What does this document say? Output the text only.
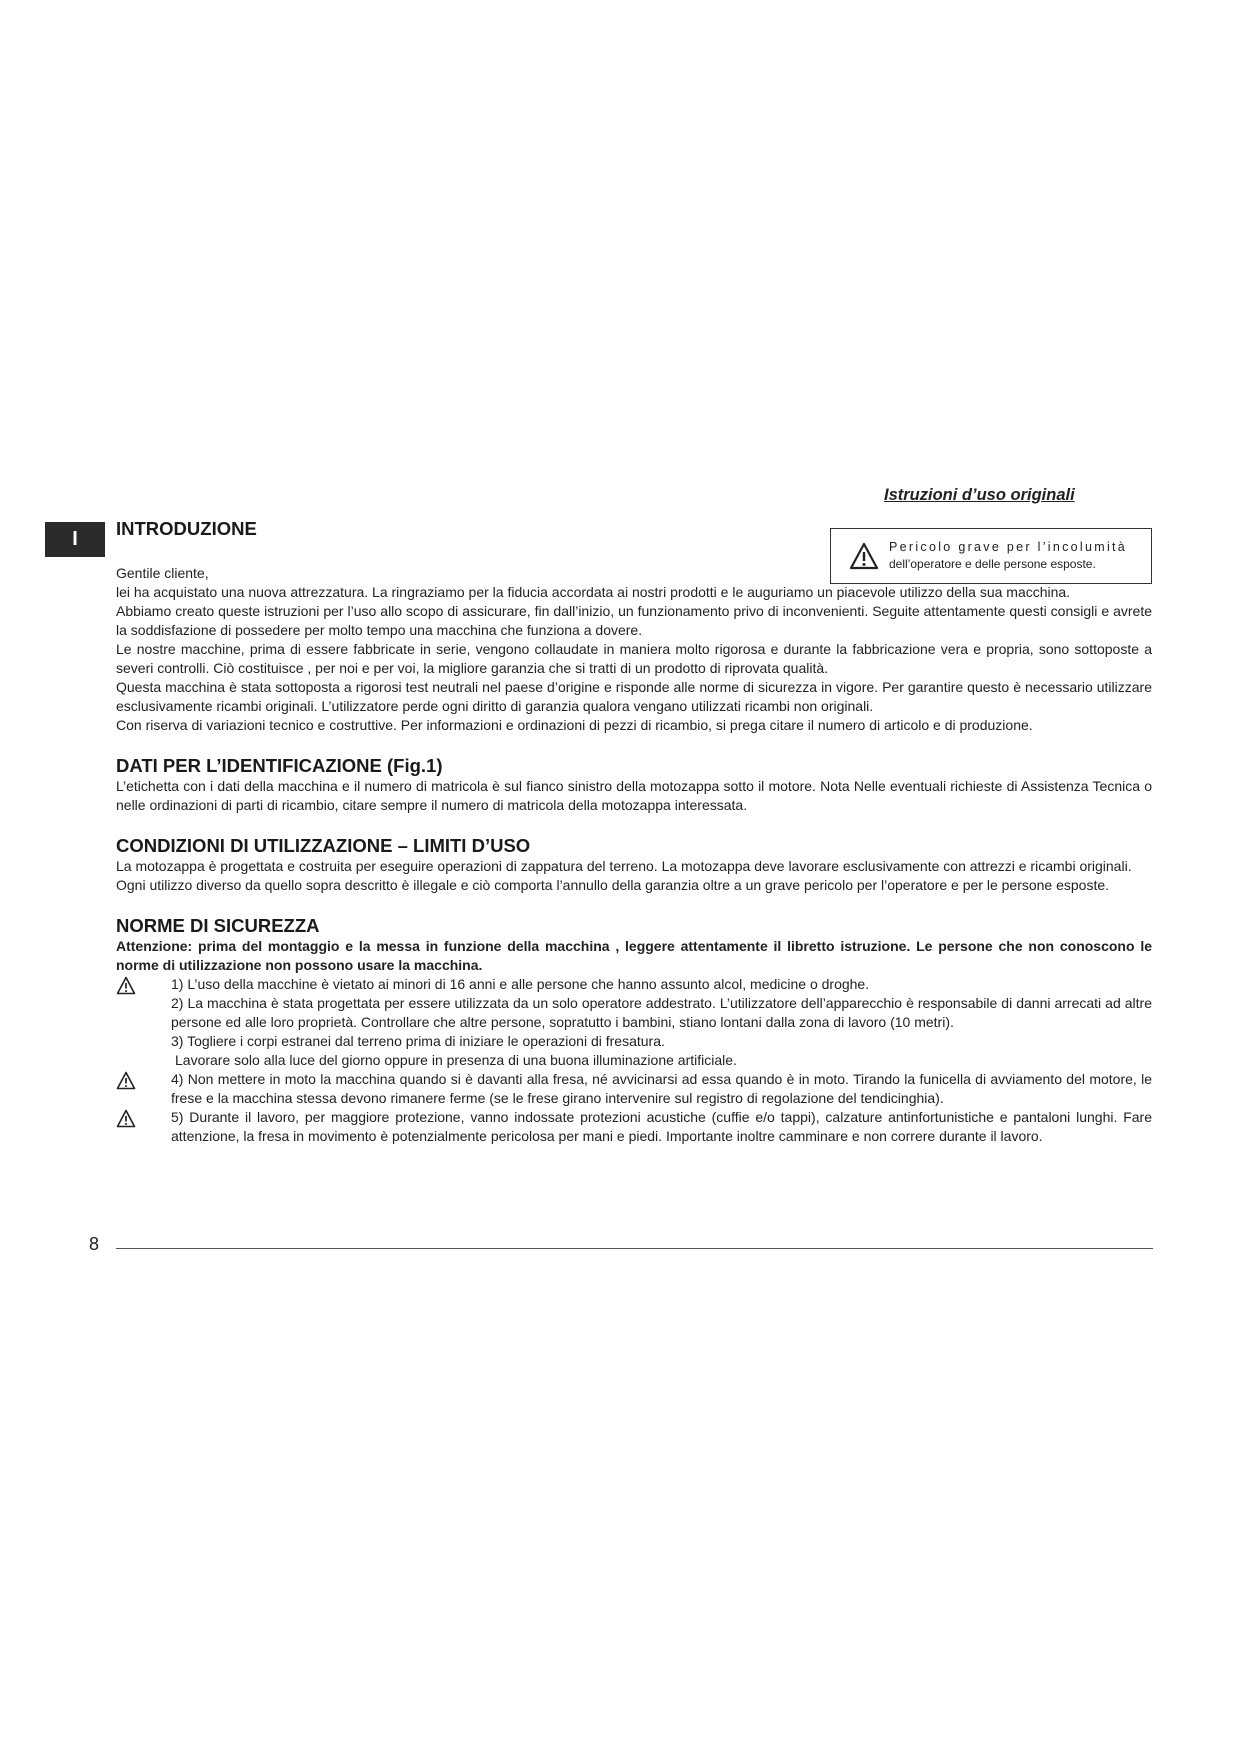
Istruzioni d’uso originali
I	Pericolo grave per l’incolumità
dell’operatore e delle persone esposte.
INTRODUZIONE

Gentile cliente,

lei ha acquistato una nuova attrezzatura. La ringraziamo per la fiducia accordata ai nostri prodotti e le auguriamo un piacevole utilizzo della sua macchina.

Abbiamo creato queste istruzioni per l’uso allo scopo di assicurare, fin dall’inizio, un funzionamento privo di inconvenienti. Seguite attentamente questi consigli e avrete la soddisfazione di possedere per molto tempo una macchina che funziona a dovere.

Le nostre macchine, prima di essere fabbricate in serie, vengono collaudate in maniera molto rigorosa e durante la fabbricazione vera e propria, sono sottoposte a severi controlli. Ciò costituisce , per noi e per voi, la migliore garanzia che si tratti di un prodotto di riprovata qualità.

Questa macchina è stata sottoposta a rigorosi test neutrali nel paese d’origine e risponde alle norme di sicurezza in vigore. Per garantire questo è necessario utilizzare esclusivamente ricambi originali. L’utilizzatore perde ogni diritto di garanzia qualora vengano utilizzati ricambi non originali.

Con riserva di variazioni tecnico e costruttive. Per informazioni e ordinazioni di pezzi di ricambio, si prega citare il numero di articolo e di produzione.

DATI PER L’IDENTIFICAZIONE (Fig.1)

L’etichetta con i dati della macchina e il numero di matricola è sul fianco sinistro della motozappa sotto il motore. Nota Nelle eventuali richieste di Assistenza Tecnica o nelle ordinazioni di parti di ricambio, citare sempre il numero di matricola della motozappa interessata.

CONDIZIONI DI UTILIZZAZIONE – LIMITI D’USO

La motozappa è progettata e costruita per eseguire operazioni di zappatura del terreno. La motozappa deve lavorare esclusivamente con attrezzi e ricambi originali.

Ogni utilizzo diverso da quello sopra descritto è illegale e ciò comporta l’annullo della garanzia oltre a un grave pericolo per l’operatore e per le persone esposte.

NORME DI SICUREZZA

Attenzione: prima del montaggio e la messa in funzione della macchina , leggere attentamente il libretto istruzione. Le persone che non conoscono le norme di utilizzazione non possono usare la macchina.

1) L’uso della macchine è vietato ai minori di 16 anni e alle persone che hanno assunto alcol, medicine o droghe.

2) La macchina è stata progettata per essere utilizzata da un solo operatore addestrato. L’utilizzatore dell’apparecchio è responsabile di danni arrecati ad altre persone ed alle loro proprietà. Controllare che altre persone, sopratutto i bambini, stiano lontani dalla zona di lavoro (10 metri).

3) Togliere i corpi estranei dal terreno prima di iniziare le operazioni di fresatura.

Lavorare solo alla luce del giorno oppure in presenza di una buona illuminazione artificiale.

4) Non mettere in moto la macchina quando si è davanti alla fresa, né avvicinarsi ad essa quando è in moto. Tirando la funicella di avviamento del motore, le frese e la macchina stessa devono rimanere ferme (se le frese girano intervenire sul registro di regolazione del tendicinghia).

5) Durante il lavoro, per maggiore protezione, vanno indossate protezioni acustiche (cuffie e/o tappi), calzature antinfortunistiche e pantaloni lunghi. Fare attenzione, la fresa in movimento è potenzialmente pericolosa per mani e piedi. Importante inoltre camminare e non correre durante il lavoro.

8
